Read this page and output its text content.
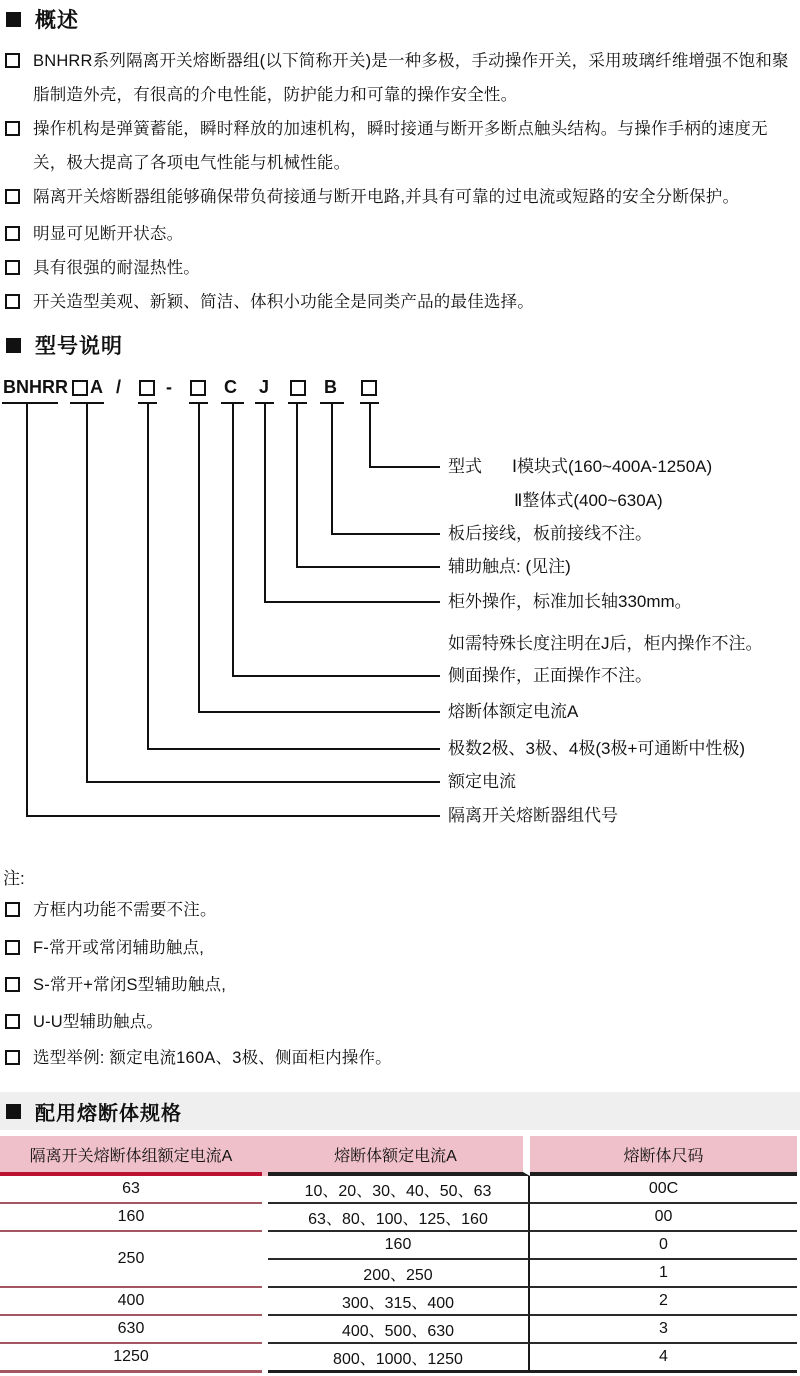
概述

BNHRR系列隔离开关熔断器组(以下简称开关)是一种多极，手动操作开关，采用玻璃纤维增强不饱和聚脂制造外壳，有很高的介电性能，防护能力和可靠的操作安全性。

操作机构是弹簧蓄能，瞬时释放的加速机构，瞬时接通与断开多断点触头结构。与操作手柄的速度无关，极大提高了各项电气性能与机械性能。

隔离开关熔断器组能够确保带负荷接通与断开电路,并具有可靠的过电流或短路的安全分断保护。

明显可见断开状态。

具有很强的耐湿热性。

开关造型美观、新颖、简洁、体积小功能全是同类产品的最佳选择。

型号说明
BNHRR A / -	C J	B
型式 Ⅰ模块式(160~400A-1250A)
Ⅱ整体式(400~630A)
板后接线，板前接线不注。
辅助触点: (见注)
柜外操作，标准加长轴330mm。
如需特殊长度注明在J后，柜内操作不注。
侧面操作，正面操作不注。
熔断体额定电流A
极数2极、3极、4极(3极+可通断中性极)
额定电流
隔离开关熔断器组代号

注:

方框内功能不需要不注。

F-常开或常闭辅助触点,

S-常开+常闭S型辅助触点,

U-U型辅助触点。

选型举例: 额定电流160A、3极、侧面柜内操作。

配用熔断体规格
隔离开关熔断体组额定电流A		熔断体额定电流A	熔断体尺码
63		10、20、30、40、50、63	00C
160		63、80、100、125、160	00
250		160	0
		200、250	1
400		300、315、400	2
630		400、500、630	3
1250		800、1000、1250	4
